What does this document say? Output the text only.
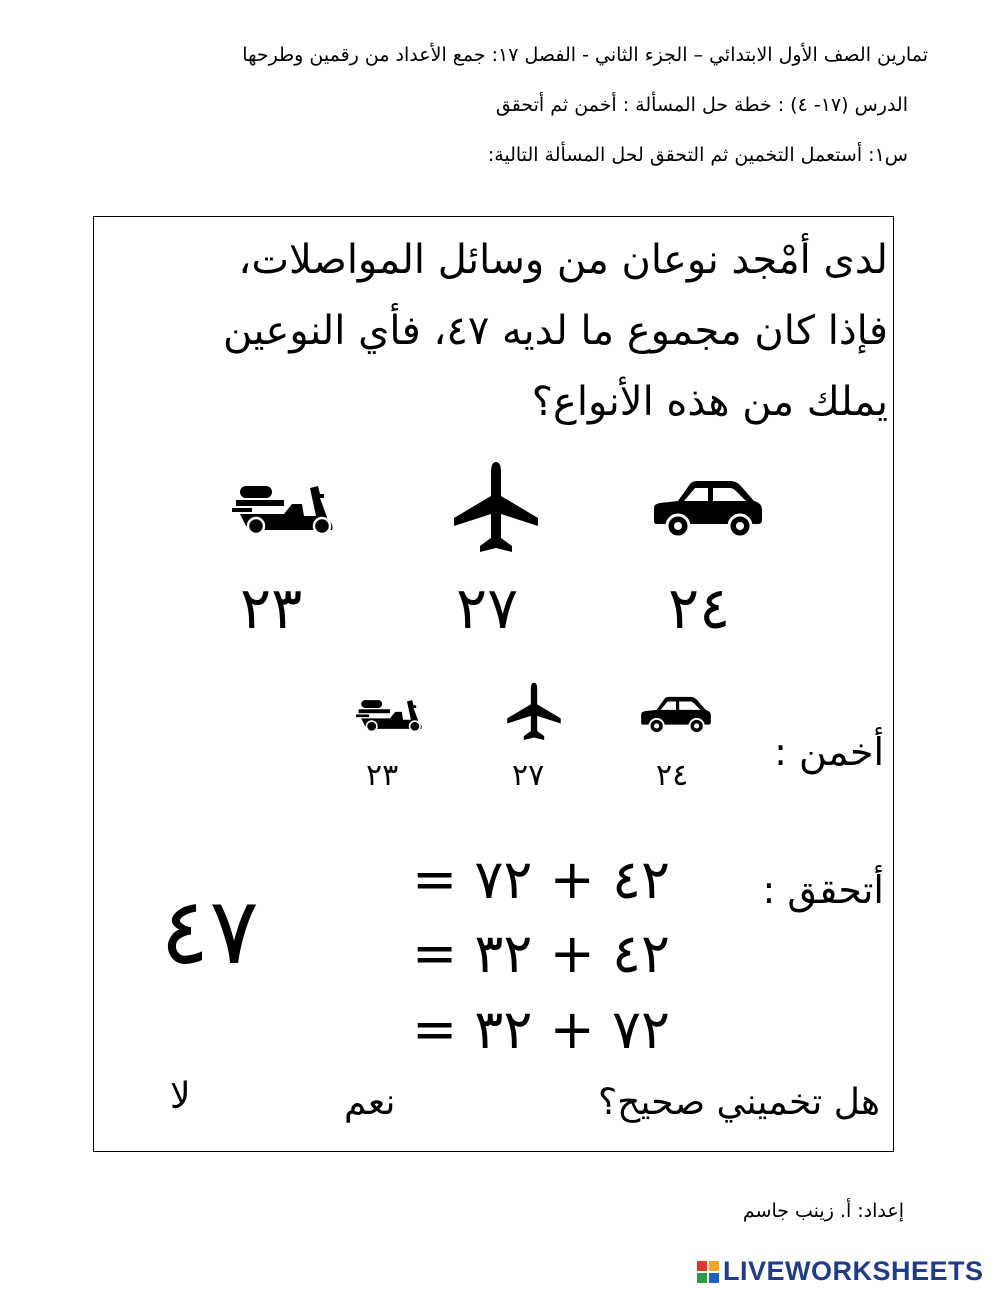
تمارين الصف الأول الابتدائي – الجزء الثاني - الفصل ١٧: جمع الأعداد من رقمين وطرحها
الدرس (١٧- ٤) : خطة حل المسألة : أخمن ثم أتحقق
س١: أستعمل التخمين ثم التحقق لحل المسألة التالية:
لدى أمْجد نوعان من وسائل المواصلات،
فإذا كان مجموع ما لديه ٤٧، فأي النوعين
يملك من هذه الأنواع؟
٢٤
٢٧
٢٣
٢٤
٢٧
٢٣
أخمن :
أتحقق :
٢٤ + ٢٧ =
٢٤ + ٢٣ =
٢٧ + ٢٣ =
٤٧
هل تخميني صحيح؟
نعم
لا
إعداد: أ. زينب جاسم
LIVEWORKSHEETS
